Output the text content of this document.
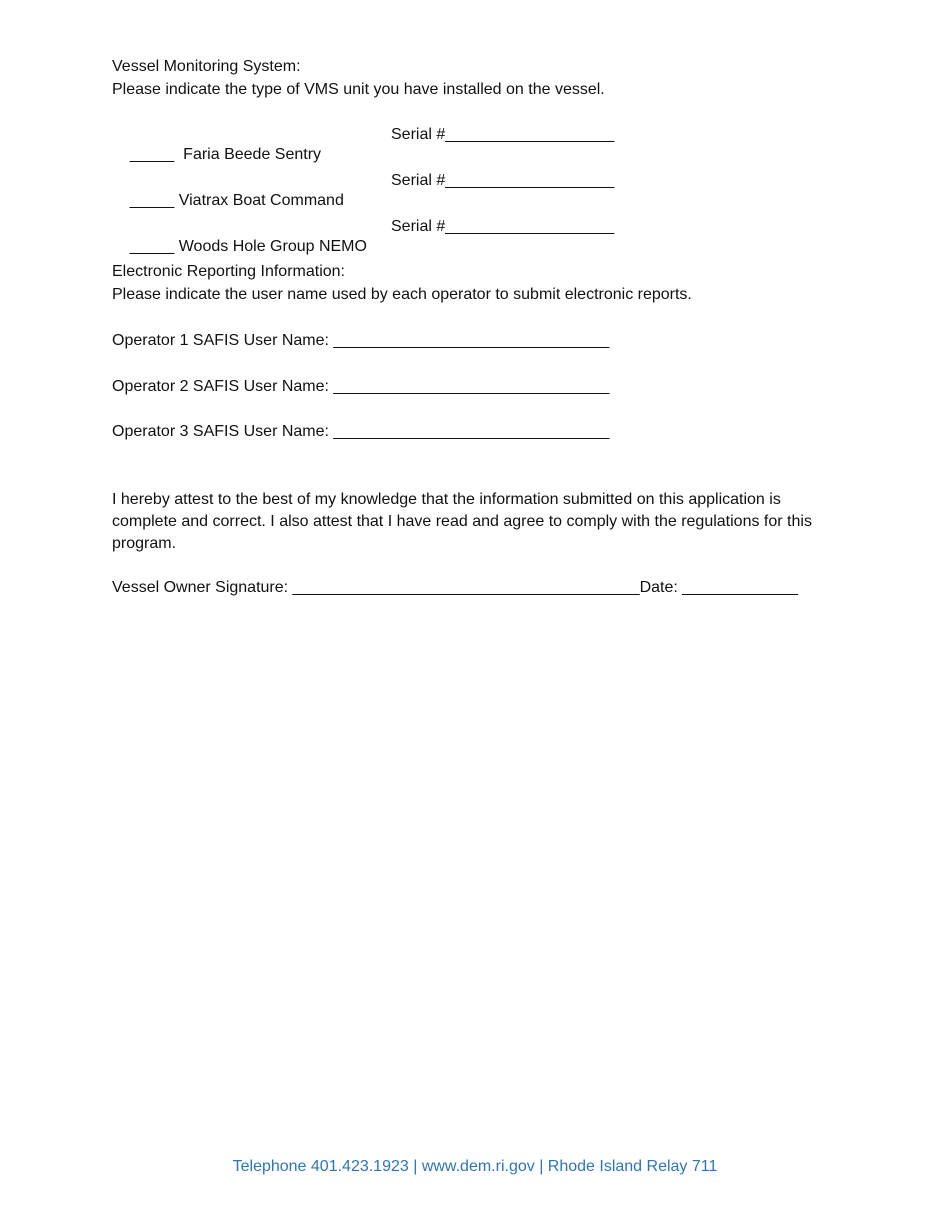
Vessel Monitoring System:
Please indicate the type of VMS unit you have installed on the vessel.

_____ Faria Beede Sentry

Serial #___________________

_____ Viatrax Boat Command

Serial #___________________

_____ Woods Hole Group NEMO

Serial #___________________
Electronic Reporting Information:
Please indicate the user name used by each operator to submit electronic reports.
Operator 1 SAFIS User Name: _______________________________
Operator 2 SAFIS User Name: _______________________________
Operator 3 SAFIS User Name: _______________________________
I hereby attest to the best of my knowledge that the information submitted on this application is complete and correct. I also attest that I have read and agree to comply with the regulations for this program.
Vessel Owner Signature: _______________________________________Date: _____________
Telephone 401.423.1923 | www.dem.ri.gov | Rhode Island Relay 711
